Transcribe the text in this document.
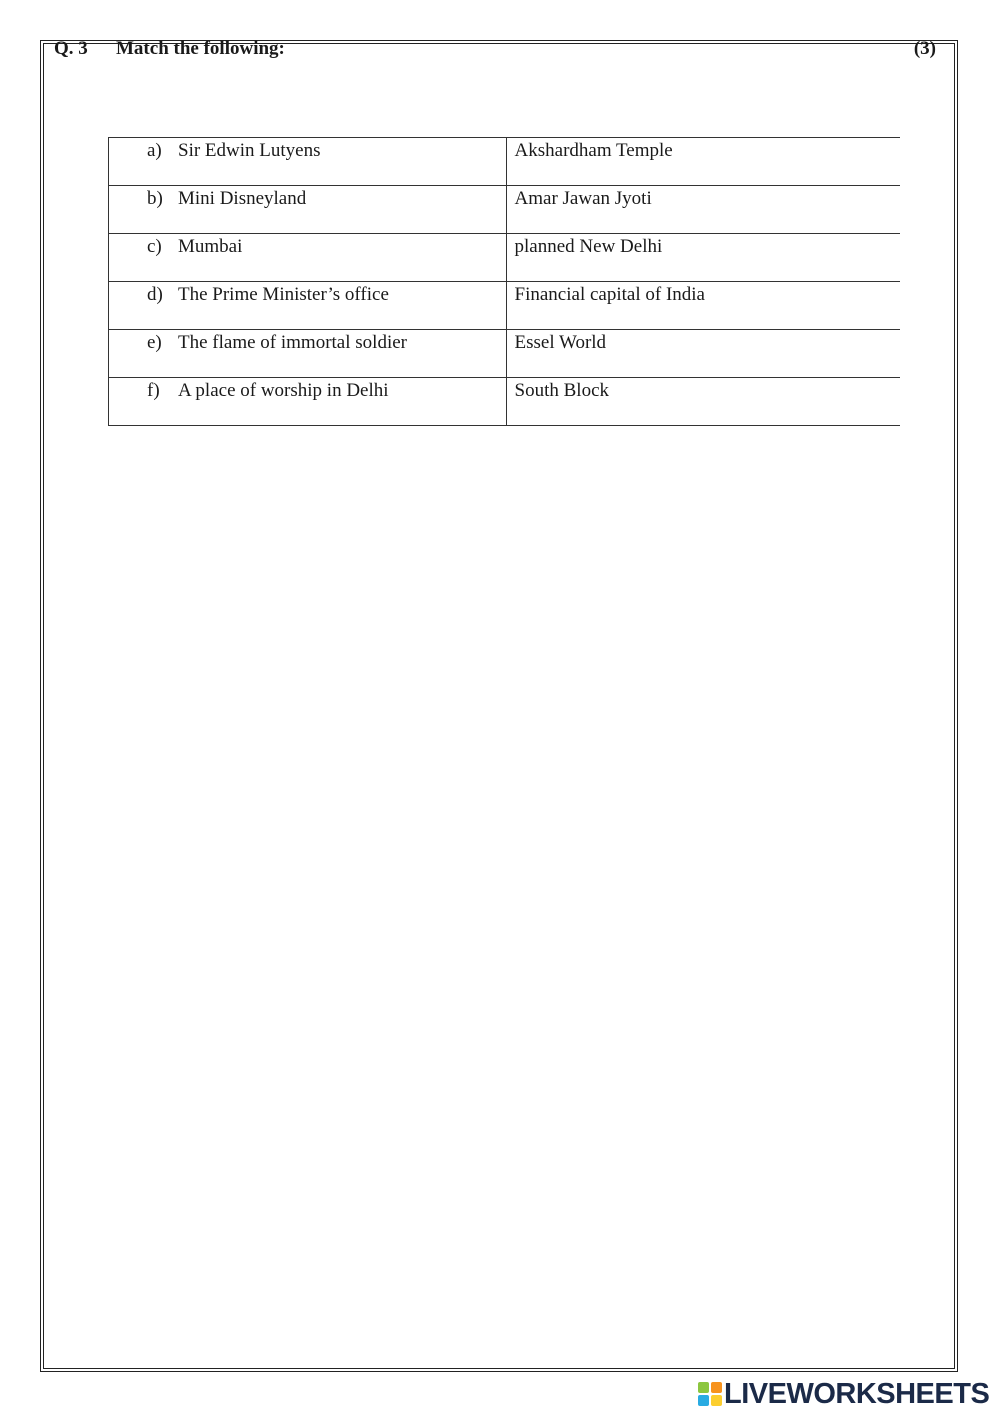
Q. 3 Match the following:	(3)
a) Sir Edwin Lutyens	Akshardham Temple

b) Mini Disneyland	Amar Jawan Jyoti

c) Mumbai	planned New Delhi

d) The Prime Minister’s office	Financial capital of India

e) The flame of immortal soldier	Essel World

f) A place of worship in Delhi	South Block
LIVEWORKSHEETS
